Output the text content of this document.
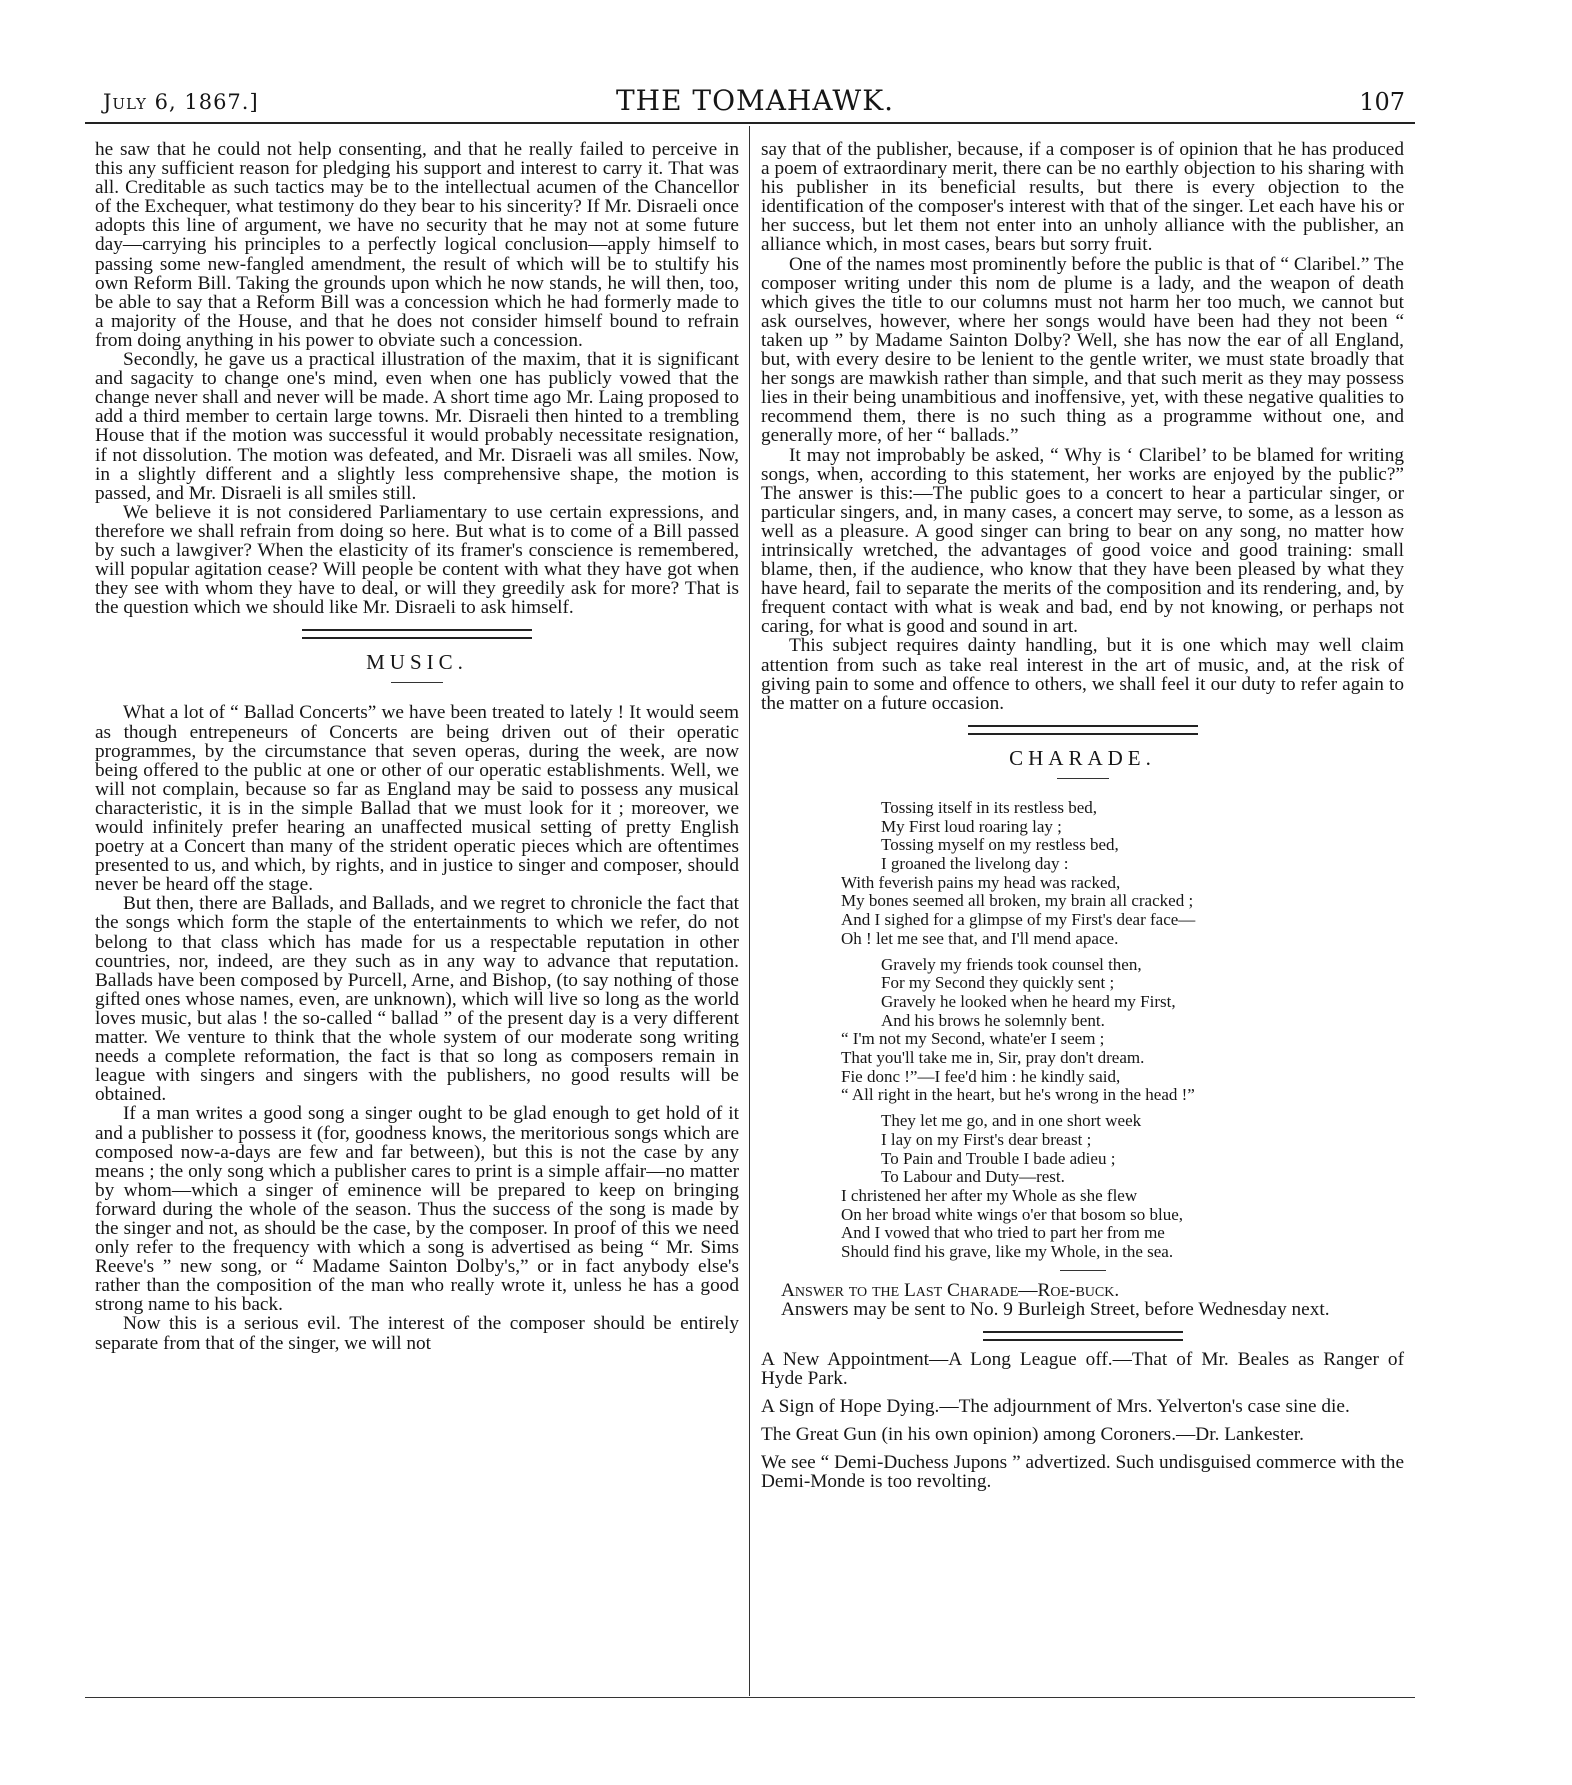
July 6, 1867.]	THE TOMAHAWK.	107

he saw that he could not help consenting, and that he really failed to perceive in this any sufficient reason for pledging his support and interest to carry it. That was all. Creditable as such tactics may be to the intellectual acumen of the Chancellor of the Exchequer, what testimony do they bear to his sincerity? If Mr. Disraeli once adopts this line of argument, we have no security that he may not at some future day—carrying his principles to a perfectly logical conclusion—apply himself to passing some new-fangled amendment, the result of which will be to stultify his own Reform Bill. Taking the grounds upon which he now stands, he will then, too, be able to say that a Reform Bill was a concession which he had formerly made to a majority of the House, and that he does not consider himself bound to refrain from doing anything in his power to obviate such a concession.

Secondly, he gave us a practical illustration of the maxim, that it is significant and sagacity to change one's mind, even when one has publicly vowed that the change never shall and never will be made. A short time ago Mr. Laing proposed to add a third member to certain large towns. Mr. Disraeli then hinted to a trembling House that if the motion was successful it would probably necessitate resignation, if not dissolution. The motion was defeated, and Mr. Disraeli was all smiles. Now, in a slightly different and a slightly less comprehensive shape, the motion is passed, and Mr. Disraeli is all smiles still.

We believe it is not considered Parliamentary to use certain expressions, and therefore we shall refrain from doing so here. But what is to come of a Bill passed by such a lawgiver? When the elasticity of its framer's conscience is remembered, will popular agitation cease? Will people be content with what they have got when they see with whom they have to deal, or will they greedily ask for more? That is the question which we should like Mr. Disraeli to ask himself.

MUSIC.

What a lot of “ Ballad Concerts” we have been treated to lately ! It would seem as though entrepeneurs of Concerts are being driven out of their operatic programmes, by the circumstance that seven operas, during the week, are now being offered to the public at one or other of our operatic establishments. Well, we will not complain, because so far as England may be said to possess any musical characteristic, it is in the simple Ballad that we must look for it ; moreover, we would infinitely prefer hearing an unaffected musical setting of pretty English poetry at a Concert than many of the strident operatic pieces which are oftentimes presented to us, and which, by rights, and in justice to singer and composer, should never be heard off the stage.

But then, there are Ballads, and Ballads, and we regret to chronicle the fact that the songs which form the staple of the entertainments to which we refer, do not belong to that class which has made for us a respectable reputation in other countries, nor, indeed, are they such as in any way to advance that reputation. Ballads have been composed by Purcell, Arne, and Bishop, (to say nothing of those gifted ones whose names, even, are unknown), which will live so long as the world loves music, but alas ! the so-called “ ballad ” of the present day is a very different matter. We venture to think that the whole system of our moderate song writing needs a complete reformation, the fact is that so long as composers remain in league with singers and singers with the publishers, no good results will be obtained.

If a man writes a good song a singer ought to be glad enough to get hold of it and a publisher to possess it (for, goodness knows, the meritorious songs which are composed now-a-days are few and far between), but this is not the case by any means ; the only song which a publisher cares to print is a simple affair—no matter by whom—which a singer of eminence will be prepared to keep on bringing forward during the whole of the season. Thus the success of the song is made by the singer and not, as should be the case, by the composer. In proof of this we need only refer to the frequency with which a song is advertised as being “ Mr. Sims Reeve's ” new song, or “ Madame Sainton Dolby's,” or in fact anybody else's rather than the composition of the man who really wrote it, unless he has a good strong name to his back.

Now this is a serious evil. The interest of the composer should be entirely separate from that of the singer, we will not

say that of the publisher, because, if a composer is of opinion that he has produced a poem of extraordinary merit, there can be no earthly objection to his sharing with his publisher in its beneficial results, but there is every objection to the identification of the composer's interest with that of the singer. Let each have his or her success, but let them not enter into an unholy alliance with the publisher, an alliance which, in most cases, bears but sorry fruit.

One of the names most prominently before the public is that of “ Claribel.” The composer writing under this nom de plume is a lady, and the weapon of death which gives the title to our columns must not harm her too much, we cannot but ask ourselves, however, where her songs would have been had they not been “ taken up ” by Madame Sainton Dolby? Well, she has now the ear of all England, but, with every desire to be lenient to the gentle writer, we must state broadly that her songs are mawkish rather than simple, and that such merit as they may possess lies in their being unambitious and inoffensive, yet, with these negative qualities to recommend them, there is no such thing as a programme without one, and generally more, of her “ ballads.”

It may not improbably be asked, “ Why is ‘ Claribel’ to be blamed for writing songs, when, according to this statement, her works are enjoyed by the public?” The answer is this:—The public goes to a concert to hear a particular singer, or particular singers, and, in many cases, a concert may serve, to some, as a lesson as well as a pleasure. A good singer can bring to bear on any song, no matter how intrinsically wretched, the advantages of good voice and good training: small blame, then, if the audience, who know that they have been pleased by what they have heard, fail to separate the merits of the composition and its rendering, and, by frequent contact with what is weak and bad, end by not knowing, or perhaps not caring, for what is good and sound in art.

This subject requires dainty handling, but it is one which may well claim attention from such as take real interest in the art of music, and, at the risk of giving pain to some and offence to others, we shall feel it our duty to refer again to the matter on a future occasion.

CHARADE.
Tossing itself in its restless bed,
My First loud roaring lay ;
Tossing myself on my restless bed,
I groaned the livelong day :
With feverish pains my head was racked,
My bones seemed all broken, my brain all cracked ;
And I sighed for a glimpse of my First's dear face—
Oh ! let me see that, and I'll mend apace.
Gravely my friends took counsel then,
For my Second they quickly sent ;
Gravely he looked when he heard my First,
And his brows he solemnly bent.
“ I'm not my Second, whate'er I seem ;
That you'll take me in, Sir, pray don't dream.
Fie donc !”—I fee'd him : he kindly said,
“ All right in the heart, but he's wrong in the head !”
They let me go, and in one short week
I lay on my First's dear breast ;
To Pain and Trouble I bade adieu ;
To Labour and Duty—rest.
I christened her after my Whole as she flew
On her broad white wings o'er that bosom so blue,
And I vowed that who tried to part her from me
Should find his grave, like my Whole, in the sea.

Answer to the Last Charade—Roe-buck.

Answers may be sent to No. 9 Burleigh Street, before Wednesday next.

A New Appointment—A Long League off.—That of Mr. Beales as Ranger of Hyde Park.

A Sign of Hope Dying.—The adjournment of Mrs. Yelverton's case sine die.

The Great Gun (in his own opinion) among Coroners.—Dr. Lankester.

We see “ Demi-Duchess Jupons ” advertized. Such undisguised commerce with the Demi-Monde is too revolting.
